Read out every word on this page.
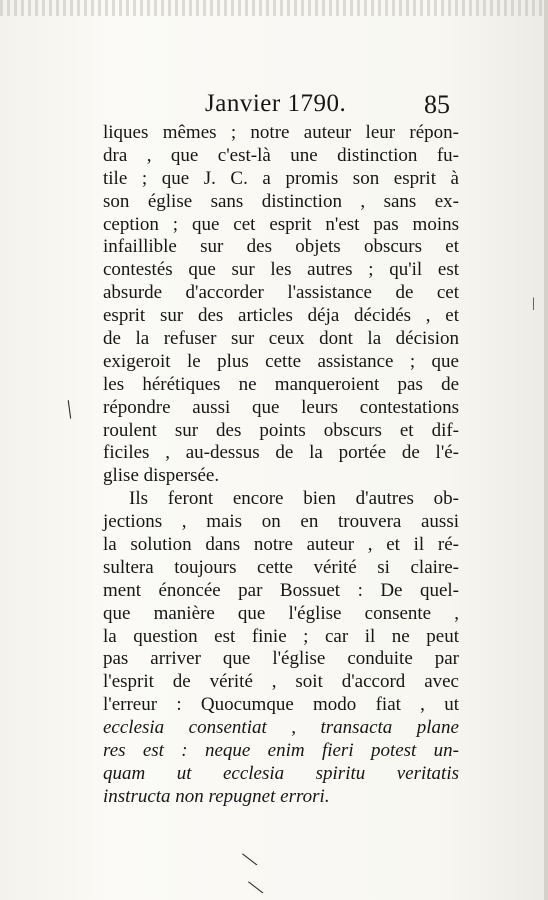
Janvier 1790.	85
liques mêmes ; notre auteur leur répon-
dra , que c'est-là une distinction fu-
tile ; que J. C. a promis son esprit à
son église sans distinction , sans ex-
ception ; que cet esprit n'est pas moins
infaillible sur des objets obscurs et
contestés que sur les autres ; qu'il est
absurde d'accorder l'assistance de cet
esprit sur des articles déja décidés , et
de la refuser sur ceux dont la décision
exigeroit le plus cette assistance ; que
les hérétiques ne manqueroient pas de
répondre aussi que leurs contestations
roulent sur des points obscurs et dif-
ficiles , au-dessus de la portée de l'é-
glise dispersée.
Ils feront encore bien d'autres ob-
jections , mais on en trouvera aussi
la solution dans notre auteur , et il ré-
sultera toujours cette vérité si claire-
ment énoncée par Bossuet : De quel-
que manière que l'église consente ,
la question est finie ; car il ne peut
pas arriver que l'église conduite par
l'esprit de vérité , soit d'accord avec
l'erreur : Quocumque modo fiat , ut
ecclesia consentiat , transacta plane
res est : neque enim fieri potest un-
quam ut ecclesia spiritu veritatis
instructa non repugnet errori.
╱
|
╲
╲
